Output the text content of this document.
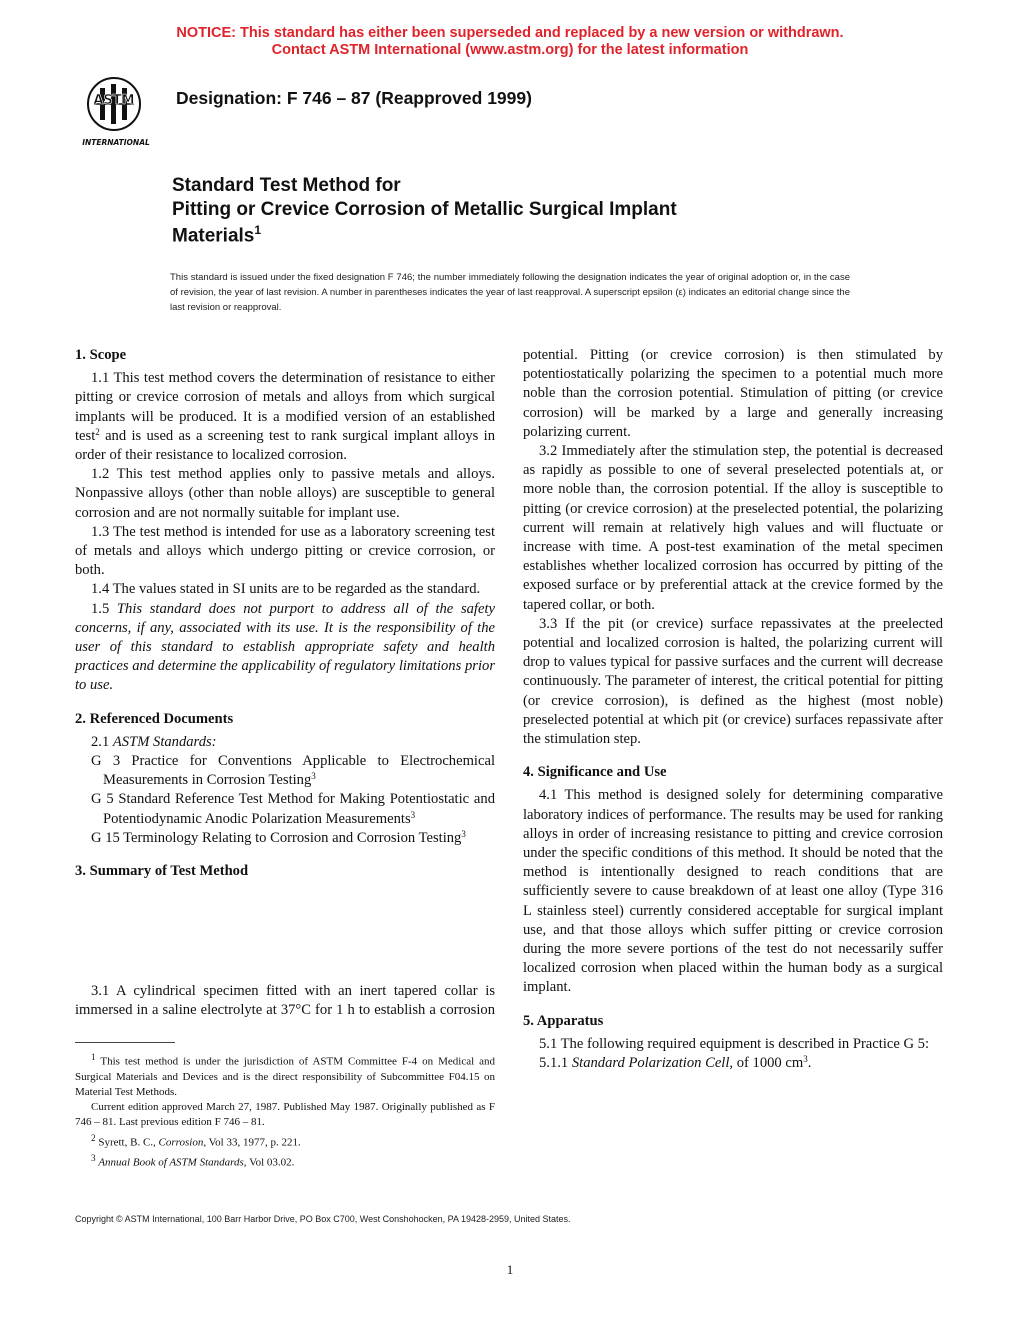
NOTICE: This standard has either been superseded and replaced by a new version or withdrawn.
Contact ASTM International (www.astm.org) for the latest information
ASTM
INTERNATIONAL
Designation: F 746 – 87 (Reapproved 1999)
Standard Test Method for
Pitting or Crevice Corrosion of Metallic Surgical Implant
Materials$^1$
This standard is issued under the fixed designation F 746; the number immediately following the designation indicates the year of original adoption or, in the case of revision, the year of last revision. A number in parentheses indicates the year of last reapproval. A superscript epsilon (ε) indicates an editorial change since the last revision or reapproval.
1. Scope

1.1 This test method covers the determination of resistance to either pitting or crevice corrosion of metals and alloys from which surgical implants will be produced. It is a modified version of an established test$^2$ and is used as a screening test to rank surgical implant alloys in order of their resistance to localized corrosion.

1.2 This test method applies only to passive metals and alloys. Nonpassive alloys (other than noble alloys) are susceptible to general corrosion and are not normally suitable for implant use.

1.3 The test method is intended for use as a laboratory screening test of metals and alloys which undergo pitting or crevice corrosion, or both.

1.4 The values stated in SI units are to be regarded as the standard.

1.5 This standard does not purport to address all of the safety concerns, if any, associated with its use. It is the responsibility of the user of this standard to establish appropriate safety and health practices and determine the applicability of regulatory limitations prior to use.

2. Referenced Documents

2.1 ASTM Standards:

G 3 Practice for Conventions Applicable to Electrochemical Measurements in Corrosion Testing$^3$

G 5 Standard Reference Test Method for Making Potentiostatic and Potentiodynamic Anodic Polarization Measurements$^3$

G 15 Terminology Relating to Corrosion and Corrosion Testing$^3$

3. Summary of Test Method

3.1 A cylindrical specimen fitted with an inert tapered collar is immersed in a saline electrolyte at 37°C for 1 h to establish a corrosion

$^1$ This test method is under the jurisdiction of ASTM Committee F-4 on Medical and Surgical Materials and Devices and is the direct responsibility of Subcommittee F04.15 on Material Test Methods.

Current edition approved March 27, 1987. Published May 1987. Originally published as F 746 – 81. Last previous edition F 746 – 81.

$^2$ Syrett, B. C., Corrosion, Vol 33, 1977, p. 221.

$^3$ Annual Book of ASTM Standards, Vol 03.02.

potential. Pitting (or crevice corrosion) is then stimulated by potentiostatically polarizing the specimen to a potential much more noble than the corrosion potential. Stimulation of pitting (or crevice corrosion) will be marked by a large and generally increasing polarizing current.

3.2 Immediately after the stimulation step, the potential is decreased as rapidly as possible to one of several preselected potentials at, or more noble than, the corrosion potential. If the alloy is susceptible to pitting (or crevice corrosion) at the preselected potential, the polarizing current will remain at relatively high values and will fluctuate or increase with time. A post-test examination of the metal specimen establishes whether localized corrosion has occurred by pitting of the exposed surface or by preferential attack at the crevice formed by the tapered collar, or both.

3.3 If the pit (or crevice) surface repassivates at the preelected potential and localized corrosion is halted, the polarizing current will drop to values typical for passive surfaces and the current will decrease continuously. The parameter of interest, the critical potential for pitting (or crevice corrosion), is defined as the highest (most noble) preselected potential at which pit (or crevice) surfaces repassivate after the stimulation step.

4. Significance and Use

4.1 This method is designed solely for determining comparative laboratory indices of performance. The results may be used for ranking alloys in order of increasing resistance to pitting and crevice corrosion under the specific conditions of this method. It should be noted that the method is intentionally designed to reach conditions that are sufficiently severe to cause breakdown of at least one alloy (Type 316 L stainless steel) currently considered acceptable for surgical implant use, and that those alloys which suffer pitting or crevice corrosion during the more severe portions of the test do not necessarily suffer localized corrosion when placed within the human body as a surgical implant.

5. Apparatus

5.1 The following required equipment is described in Practice G 5:

5.1.1 Standard Polarization Cell, of 1000 $cm^3$.

Copyright © ASTM International, 100 Barr Harbor Drive, PO Box C700, West Conshohocken, PA 19428-2959, United States.
1
